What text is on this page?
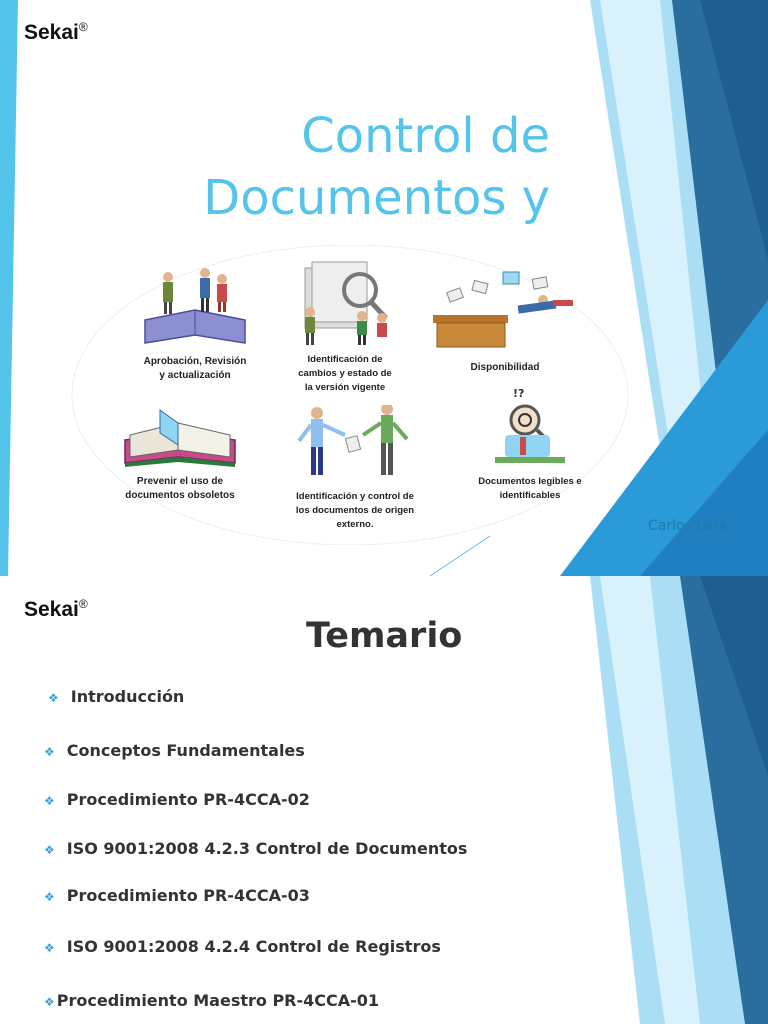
Sekai®
Control de
Documentos y
Aprobación, Revisión
y actualización
Identificación de
cambios y estado de
la versión vigente
Disponibilidad
Prevenir el uso de
documentos obsoletos	Identificación y control de
los documentos de origen
externo.
!?
Documentos legibles e
identificables
Carlos Lara
Sekai®
Temario
❖ Introducción
❖ Conceptos Fundamentales
❖ Procedimiento PR-4CCA-02
❖ ISO 9001:2008 4.2.3 Control de Documentos
❖ Procedimiento PR-4CCA-03
❖ ISO 9001:2008 4.2.4 Control de Registros
❖ Procedimiento Maestro PR-4CCA-01
